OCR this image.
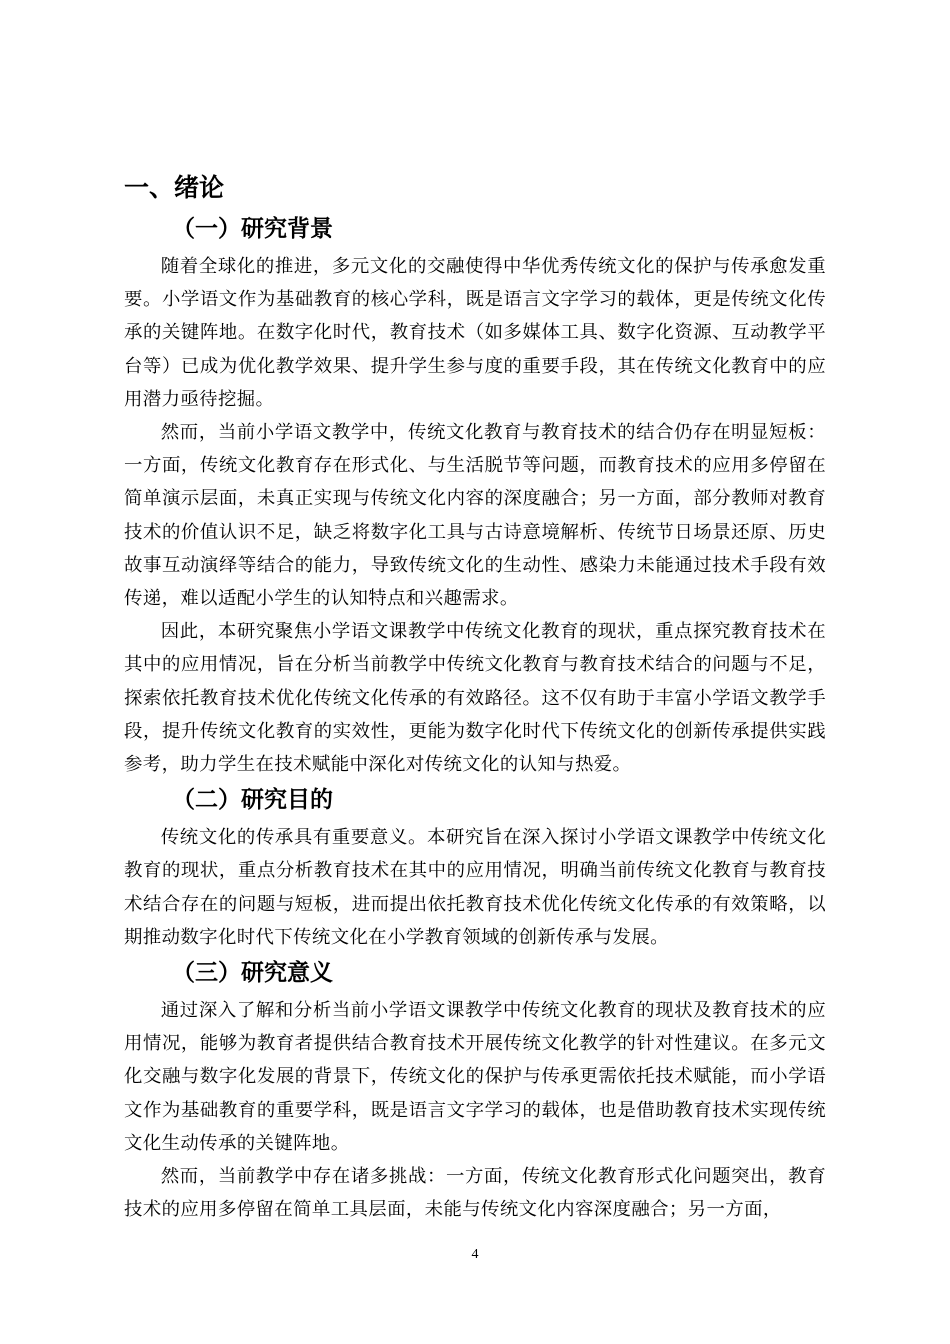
一、绪论
（一）研究背景

随着全球化的推进，多元文化的交融使得中华优秀传统文化的保护与传承愈发重要。小学语文作为基础教育的核心学科，既是语言文字学习的载体，更是传统文化传承的关键阵地。在数字化时代，教育技术（如多媒体工具、数字化资源、互动教学平台等）已成为优化教学效果、提升学生参与度的重要手段，其在传统文化教育中的应用潜力亟待挖掘。

然而，当前小学语文教学中，传统文化教育与教育技术的结合仍存在明显短板：一方面，传统文化教育存在形式化、与生活脱节等问题，而教育技术的应用多停留在简单演示层面，未真正实现与传统文化内容的深度融合；另一方面，部分教师对教育技术的价值认识不足，缺乏将数字化工具与古诗意境解析、传统节日场景还原、历史故事互动演绎等结合的能力，导致传统文化的生动性、感染力未能通过技术手段有效传递，难以适配小学生的认知特点和兴趣需求。

因此，本研究聚焦小学语文课教学中传统文化教育的现状，重点探究教育技术在其中的应用情况，旨在分析当前教学中传统文化教育与教育技术结合的问题与不足，探索依托教育技术优化传统文化传承的有效路径。这不仅有助于丰富小学语文教学手段，提升传统文化教育的实效性，更能为数字化时代下传统文化的创新传承提供实践参考，助力学生在技术赋能中深化对传统文化的认知与热爱。

（二）研究目的

传统文化的传承具有重要意义。本研究旨在深入探讨小学语文课教学中传统文化教育的现状，重点分析教育技术在其中的应用情况，明确当前传统文化教育与教育技术结合存在的问题与短板，进而提出依托教育技术优化传统文化传承的有效策略，以期推动数字化时代下传统文化在小学教育领域的创新传承与发展。

（三）研究意义

通过深入了解和分析当前小学语文课教学中传统文化教育的现状及教育技术的应用情况，能够为教育者提供结合教育技术开展传统文化教学的针对性建议。在多元文化交融与数字化发展的背景下，传统文化的保护与传承更需依托技术赋能，而小学语文作为基础教育的重要学科，既是语言文字学习的载体，也是借助教育技术实现传统文化生动传承的关键阵地。

然而，当前教学中存在诸多挑战：一方面，传统文化教育形式化问题突出，教育技术的应用多停留在简单工具层面，未能与传统文化内容深度融合；另一方面，

4
